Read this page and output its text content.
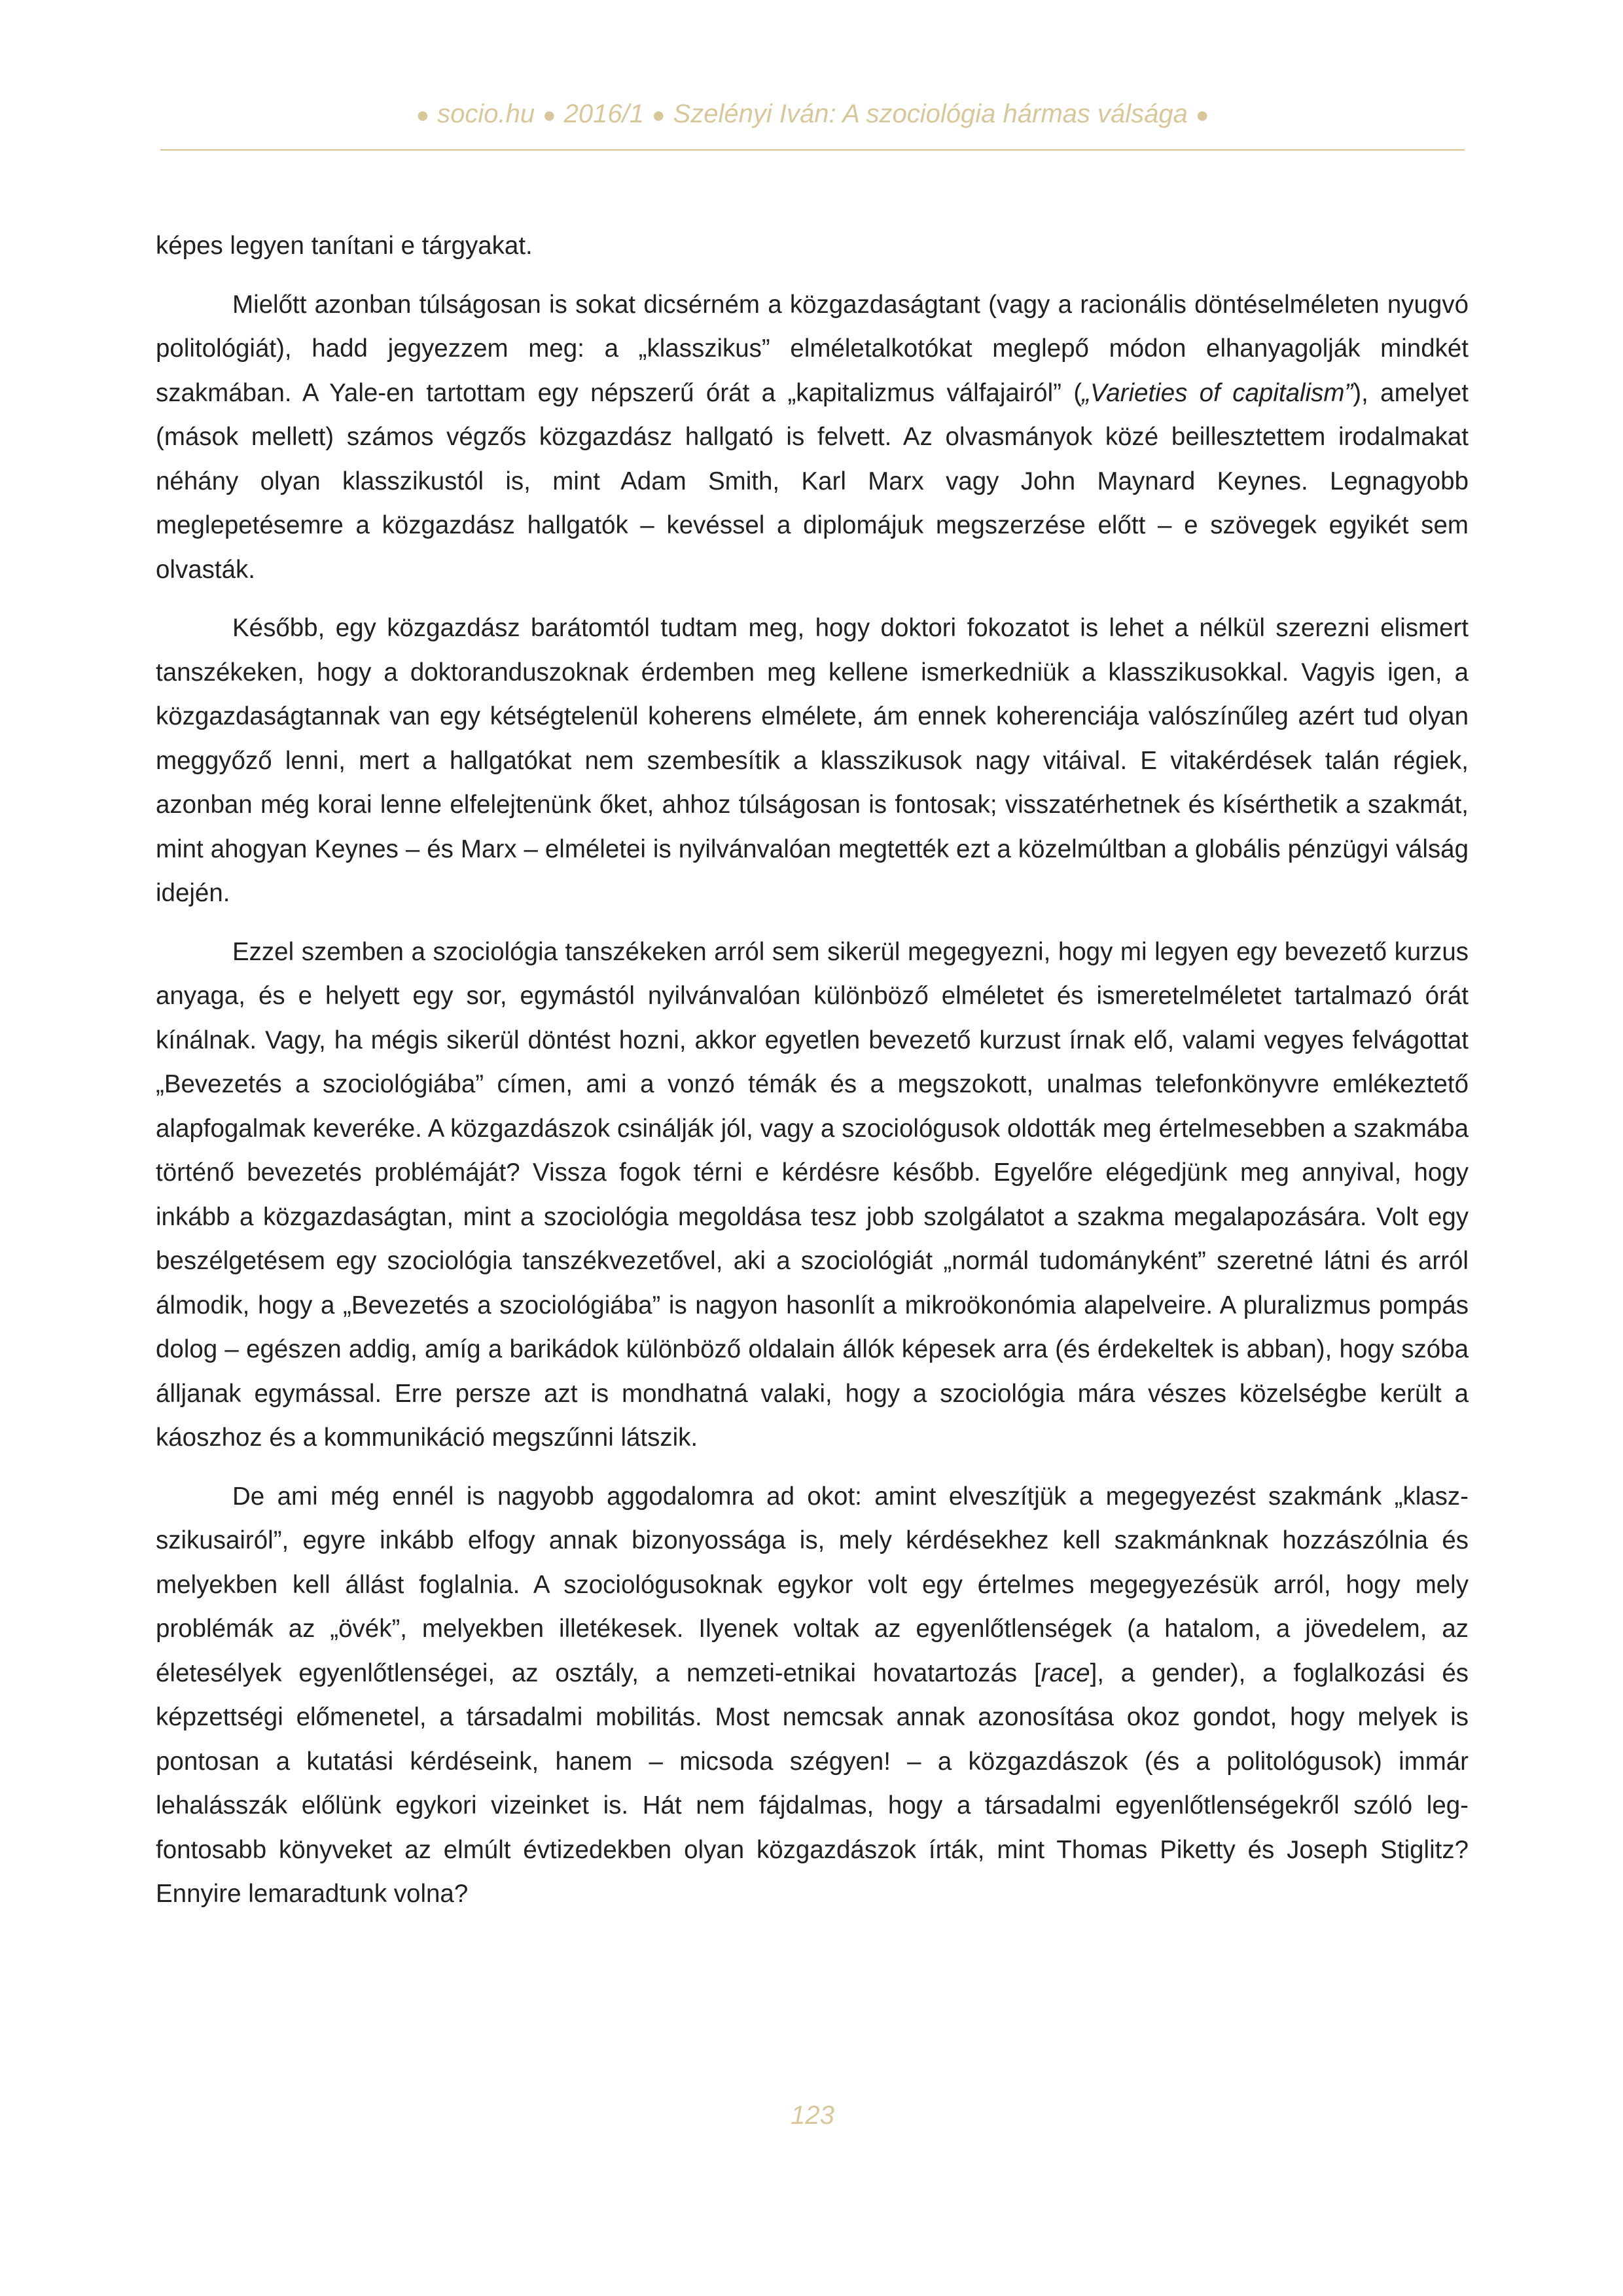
● socio.hu ● 2016/1 ● Szelényi Iván: A szociológia hármas válsága ●

képes legyen tanítani e tárgyakat.

Mielőtt azonban túlságosan is sokat dicsérném a közgazdaságtant (vagy a racionális döntéselméleten nyugvó politológiát), hadd jegyezzem meg: a „klasszikus” elméletalkotókat meglepő módon elhanyagolják mindkét szakmában. A Yale-en tartottam egy népszerű órát a „kapitalizmus válfajairól” („Varieties of capitalism”), amelyet (mások mellett) számos végzős közgazdász hallgató is felvett. Az olvasmányok közé beillesztettem irodalmakat néhány olyan klasszikustól is, mint Adam Smith, Karl Marx vagy John Maynard Keynes. Legnagyobb meglepetésemre a közgazdász hallgatók – kevéssel a diplomájuk megszerzése előtt – e szövegek egyikét sem olvasták.

Később, egy közgazdász barátomtól tudtam meg, hogy doktori fokozatot is lehet a nélkül szerezni elismert tanszékeken, hogy a doktoranduszoknak érdemben meg kellene ismerkedniük a klasszikusokkal. Vagyis igen, a közgazdaságtannak van egy kétségtelenül koherens elmélete, ám ennek koherenciája valószínűleg azért tud olyan meggyőző lenni, mert a hallgatókat nem szembesítik a klasszikusok nagy vitáival. E vitakérdések talán régiek, azonban még korai lenne elfelejtenünk őket, ahhoz túlságosan is fontosak; visszatérhetnek és kísérthetik a szakmát, mint ahogyan Keynes – és Marx – elméletei is nyilvánvalóan megtették ezt a közelmúltban a globális pénzügyi válság idején.

Ezzel szemben a szociológia tanszékeken arról sem sikerül megegyezni, hogy mi legyen egy bevezető kurzus anyaga, és e helyett egy sor, egymástól nyilvánvalóan különböző elméletet és ismeretelméletet tartalmazó órát kínálnak. Vagy, ha mégis sikerül döntést hozni, akkor egyetlen bevezető kurzust írnak elő, valami vegyes felvágottat „Bevezetés a szociológiába” címen, ami a vonzó témák és a megszokott, unalmas telefonkönyvre emlékeztető alapfogalmak keveréke. A közgazdászok csinálják jól, vagy a szociológusok oldották meg értelmesebben a szakmába történő bevezetés problémáját? Vissza fogok térni e kérdésre később. Egyelőre elégedjünk meg annyival, hogy inkább a közgazdaságtan, mint a szociológia megoldása tesz jobb szolgálatot a szakma megalapozására. Volt egy beszélgetésem egy szociológia tanszékvezetővel, aki a szociológiát „normál tudományként” szeretné látni és arról álmodik, hogy a „Bevezetés a szociológiába” is nagyon hasonlít a mikroökonómia alapelveire. A pluralizmus pompás dolog – egészen addig, amíg a barikádok különböző oldalain állók képesek arra (és érdekeltek is abban), hogy szóba álljanak egymással. Erre persze azt is mondhatná valaki, hogy a szociológia mára vészes közelségbe került a káoszhoz és a kommunikáció megszűnni látszik.

De ami még ennél is nagyobb aggodalomra ad okot: amint elveszítjük a megegyezést szakmánk „klaszszikusairól”, egyre inkább elfogy annak bizonyossága is, mely kérdésekhez kell szakmánknak hozzászólnia és melyekben kell állást foglalnia. A szociológusoknak egykor volt egy értelmes megegyezésük arról, hogy mely problémák az „övék”, melyekben illetékesek. Ilyenek voltak az egyenlőtlenségek (a hatalom, a jövedelem, az életesélyek egyenlőtlenségei, az osztály, a nemzeti-etnikai hovatartozás [race], a gender), a foglalkozási és képzettségi előmenetel, a társadalmi mobilitás. Most nemcsak annak azonosítása okoz gondot, hogy melyek is pontosan a kutatási kérdéseink, hanem – micsoda szégyen! – a közgazdászok (és a politológusok) immár lehalásszák előlünk egykori vizeinket is. Hát nem fájdalmas, hogy a társadalmi egyenlőtlenségekről szóló legfontosabb könyveket az elmúlt évtizedekben olyan közgazdászok írták, mint Thomas Piketty és Joseph Stiglitz? Ennyire lemaradtunk volna?

123
